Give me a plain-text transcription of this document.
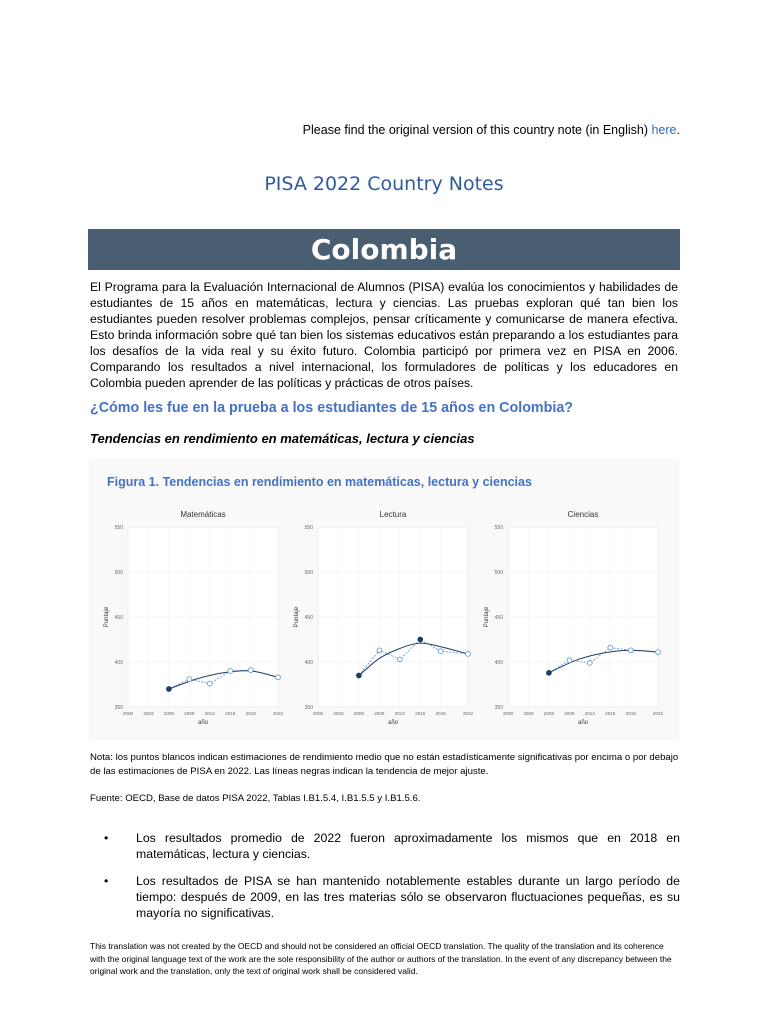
Please find the original version of this country note (in English) here.
PISA 2022 Country Notes
Colombia
El Programa para la Evaluación Internacional de Alumnos (PISA) evalúa los conocimientos y habilidades de estudiantes de 15 años en matemáticas, lectura y ciencias. Las pruebas exploran qué tan bien los estudiantes pueden resolver problemas complejos, pensar críticamente y comunicarse de manera efectiva. Esto brinda información sobre qué tan bien los sistemas educativos están preparando a los estudiantes para los desafíos de la vida real y su éxito futuro. Colombia participó por primera vez en PISA en 2006. Comparando los resultados a nivel internacional, los formuladores de políticas y los educadores en Colombia pueden aprender de las políticas y prácticas de otros países.
¿Cómo les fue en la prueba a los estudiantes de 15 años en Colombia?
Tendencias en rendimiento en matemáticas, lectura y ciencias
Figura 1. Tendencias en rendimiento en matemáticas, lectura y ciencias
350
400
450
500
550
2000 2003 2006 2009 2012 2015 2018	2022
Matemáticas
año
Puntaje
350
400
450
500
550
2000 2003 2006 2009 2012 2015 2018	2022
Lectura
año
Puntaje
350
400
450
500
550
2000 2003 2006 2009 2012 2015 2018	2022
Ciencias
año
Puntaje
Nota: los puntos blancos indican estimaciones de rendimiento medio que no están estadísticamente significativas por encima o por debajo de las estimaciones de PISA en 2022. Las líneas negras indican la tendencia de mejor ajuste.
Fuente: OECD, Base de datos PISA 2022, Tablas I.B1.5.4, I.B1.5.5 y I.B1.5.6.
• Los resultados promedio de 2022 fueron aproximadamente los mismos que en 2018 en matemáticas, lectura y ciencias.
• Los resultados de PISA se han mantenido notablemente estables durante un largo período de tiempo: después de 2009, en las tres materias sólo se observaron fluctuaciones pequeñas, es su mayoría no significativas.
This translation was not created by the OECD and should not be considered an official OECD translation. The quality of the translation and its coherence with the original language text of the work are the sole responsibility of the author or authors of the translation. In the event of any discrepancy between the original work and the translation, only the text of original work shall be considered valid.
